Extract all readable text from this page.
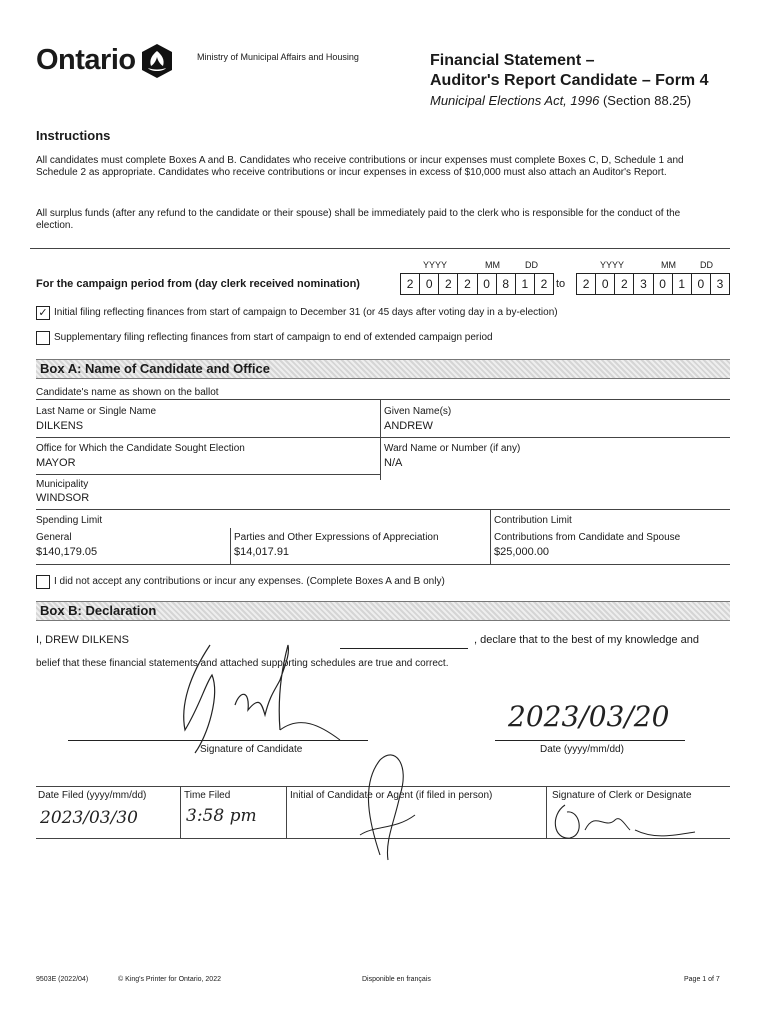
Ontario	Ministry of Municipal Affairs and Housing	Financial Statement –
Auditor's Report Candidate – Form 4
Municipal Elections Act, 1996 (Section 88.25)
Instructions
All candidates must complete Boxes A and B. Candidates who receive contributions or incur expenses must complete Boxes C, D, Schedule 1 and Schedule 2 as appropriate. Candidates who receive contributions or incur expenses in excess of $10,000 must also attach an Auditor's Report.
All surplus funds (after any refund to the candidate or their spouse) shall be immediately paid to the clerk who is responsible for the conduct of the election.
For the campaign period from (day clerk received nomination)
YYYY	MM	DD	YYYY	MM	DD
2	0	2	2	0	8	1	2 to	2	0	2	3	0	1	0	3
✓ Initial filing reflecting finances from start of campaign to December 31 (or 45 days after voting day in a by-election)
Supplementary filing reflecting finances from start of campaign to end of extended campaign period
Box A: Name of Candidate and Office
Candidate's name as shown on the ballot
Last Name or Single Name
DILKENS
Given Name(s)
ANDREW
Office for Which the Candidate Sought Election
MAYOR
Ward Name or Number (if any)
N/A
Municipality
WINDSOR
Spending Limit	Contribution Limit
General
$140,179.05
Parties and Other Expressions of Appreciation
$14,017.91
Contributions from Candidate and Spouse
$25,000.00
I did not accept any contributions or incur any expenses. (Complete Boxes A and B only)
Box B: Declaration
I, DREW DILKENS	, declare that to the best of my knowledge and
belief that these financial statements and attached supporting schedules are true and correct.
Signature of Candidate
2023/03/20
Date (yyyy/mm/dd)
Date Filed (yyyy/mm/dd)
2023/03/30
Time Filed
3:58 pm
Initial of Candidate or Agent (if filed in person)	Signature of Clerk or Designate
9503E (2022/04)	© King's Printer for Ontario, 2022	Disponible en français	Page 1 of 7
